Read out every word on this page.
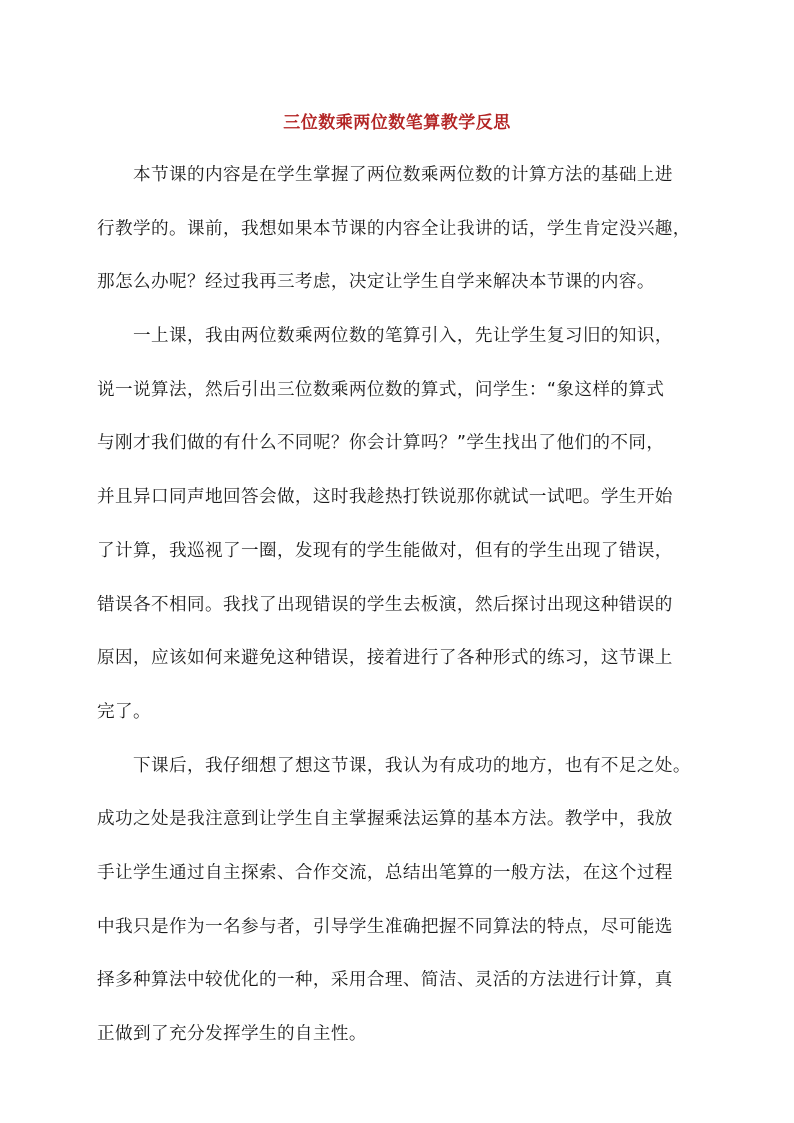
三位数乘两位数笔算教学反思
本节课的内容是在学生掌握了两位数乘两位数的计算方法的基础上进
行教学的。课前，我想如果本节课的内容全让我讲的话，学生肯定没兴趣，
那怎么办呢？经过我再三考虑，决定让学生自学来解决本节课的内容。
一上课，我由两位数乘两位数的笔算引入，先让学生复习旧的知识，
说一说算法，然后引出三位数乘两位数的算式，问学生：“象这样的算式
与刚才我们做的有什么不同呢？你会计算吗？”学生找出了他们的不同，
并且异口同声地回答会做，这时我趁热打铁说那你就试一试吧。学生开始
了计算，我巡视了一圈，发现有的学生能做对，但有的学生出现了错误，
错误各不相同。我找了出现错误的学生去板演，然后探讨出现这种错误的
原因，应该如何来避免这种错误，接着进行了各种形式的练习，这节课上
完了。
下课后，我仔细想了想这节课，我认为有成功的地方，也有不足之处。
成功之处是我注意到让学生自主掌握乘法运算的基本方法。教学中，我放
手让学生通过自主探索、合作交流，总结出笔算的一般方法，在这个过程
中我只是作为一名参与者，引导学生准确把握不同算法的特点，尽可能选
择多种算法中较优化的一种，采用合理、简洁、灵活的方法进行计算，真
正做到了充分发挥学生的自主性。
